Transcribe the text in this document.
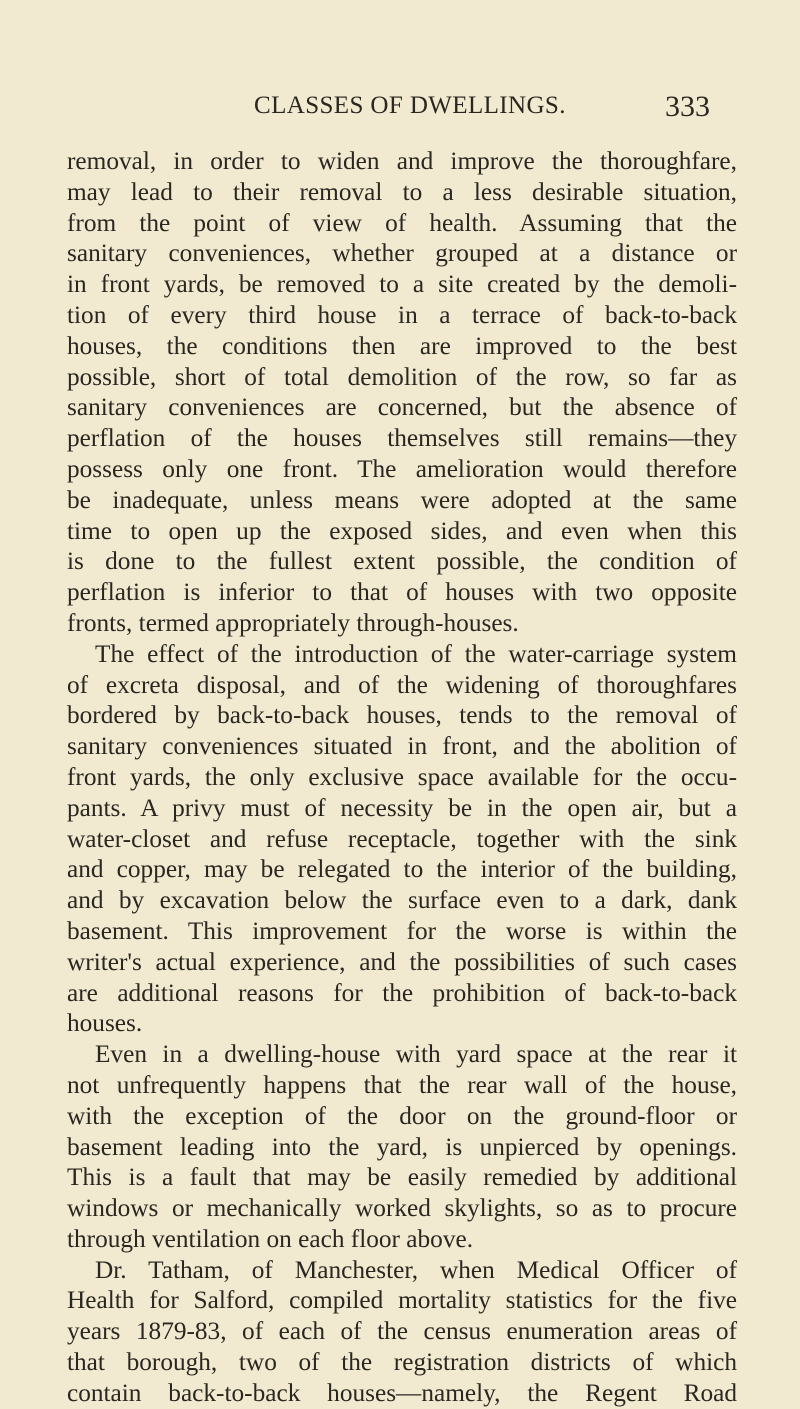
CLASSES OF DWELLINGS.	333
removal, in order to widen and improve the thoroughfare,
may lead to their removal to a less desirable situation,
from the point of view of health. Assuming that the
sanitary conveniences, whether grouped at a distance or
in front yards, be removed to a site created by the demoli-
tion of every third house in a terrace of back-to-back
houses, the conditions then are improved to the best
possible, short of total demolition of the row, so far as
sanitary conveniences are concerned, but the absence of
perflation of the houses themselves still remains—they
possess only one front. The amelioration would therefore
be inadequate, unless means were adopted at the same
time to open up the exposed sides, and even when this
is done to the fullest extent possible, the condition of
perflation is inferior to that of houses with two opposite
fronts, termed appropriately through-houses.
The effect of the introduction of the water-carriage system
of excreta disposal, and of the widening of thoroughfares
bordered by back-to-back houses, tends to the removal of
sanitary conveniences situated in front, and the abolition of
front yards, the only exclusive space available for the occu-
pants. A privy must of necessity be in the open air, but a
water-closet and refuse receptacle, together with the sink
and copper, may be relegated to the interior of the building,
and by excavation below the surface even to a dark, dank
basement. This improvement for the worse is within the
writer's actual experience, and the possibilities of such cases
are additional reasons for the prohibition of back-to-back
houses.
Even in a dwelling-house with yard space at the rear it
not unfrequently happens that the rear wall of the house,
with the exception of the door on the ground-floor or
basement leading into the yard, is unpierced by openings.
This is a fault that may be easily remedied by additional
windows or mechanically worked skylights, so as to procure
through ventilation on each floor above.
Dr. Tatham, of Manchester, when Medical Officer of
Health for Salford, compiled mortality statistics for the five
years 1879-83, of each of the census enumeration areas of
that borough, two of the registration districts of which
contain back-to-back houses—namely, the Regent Road
